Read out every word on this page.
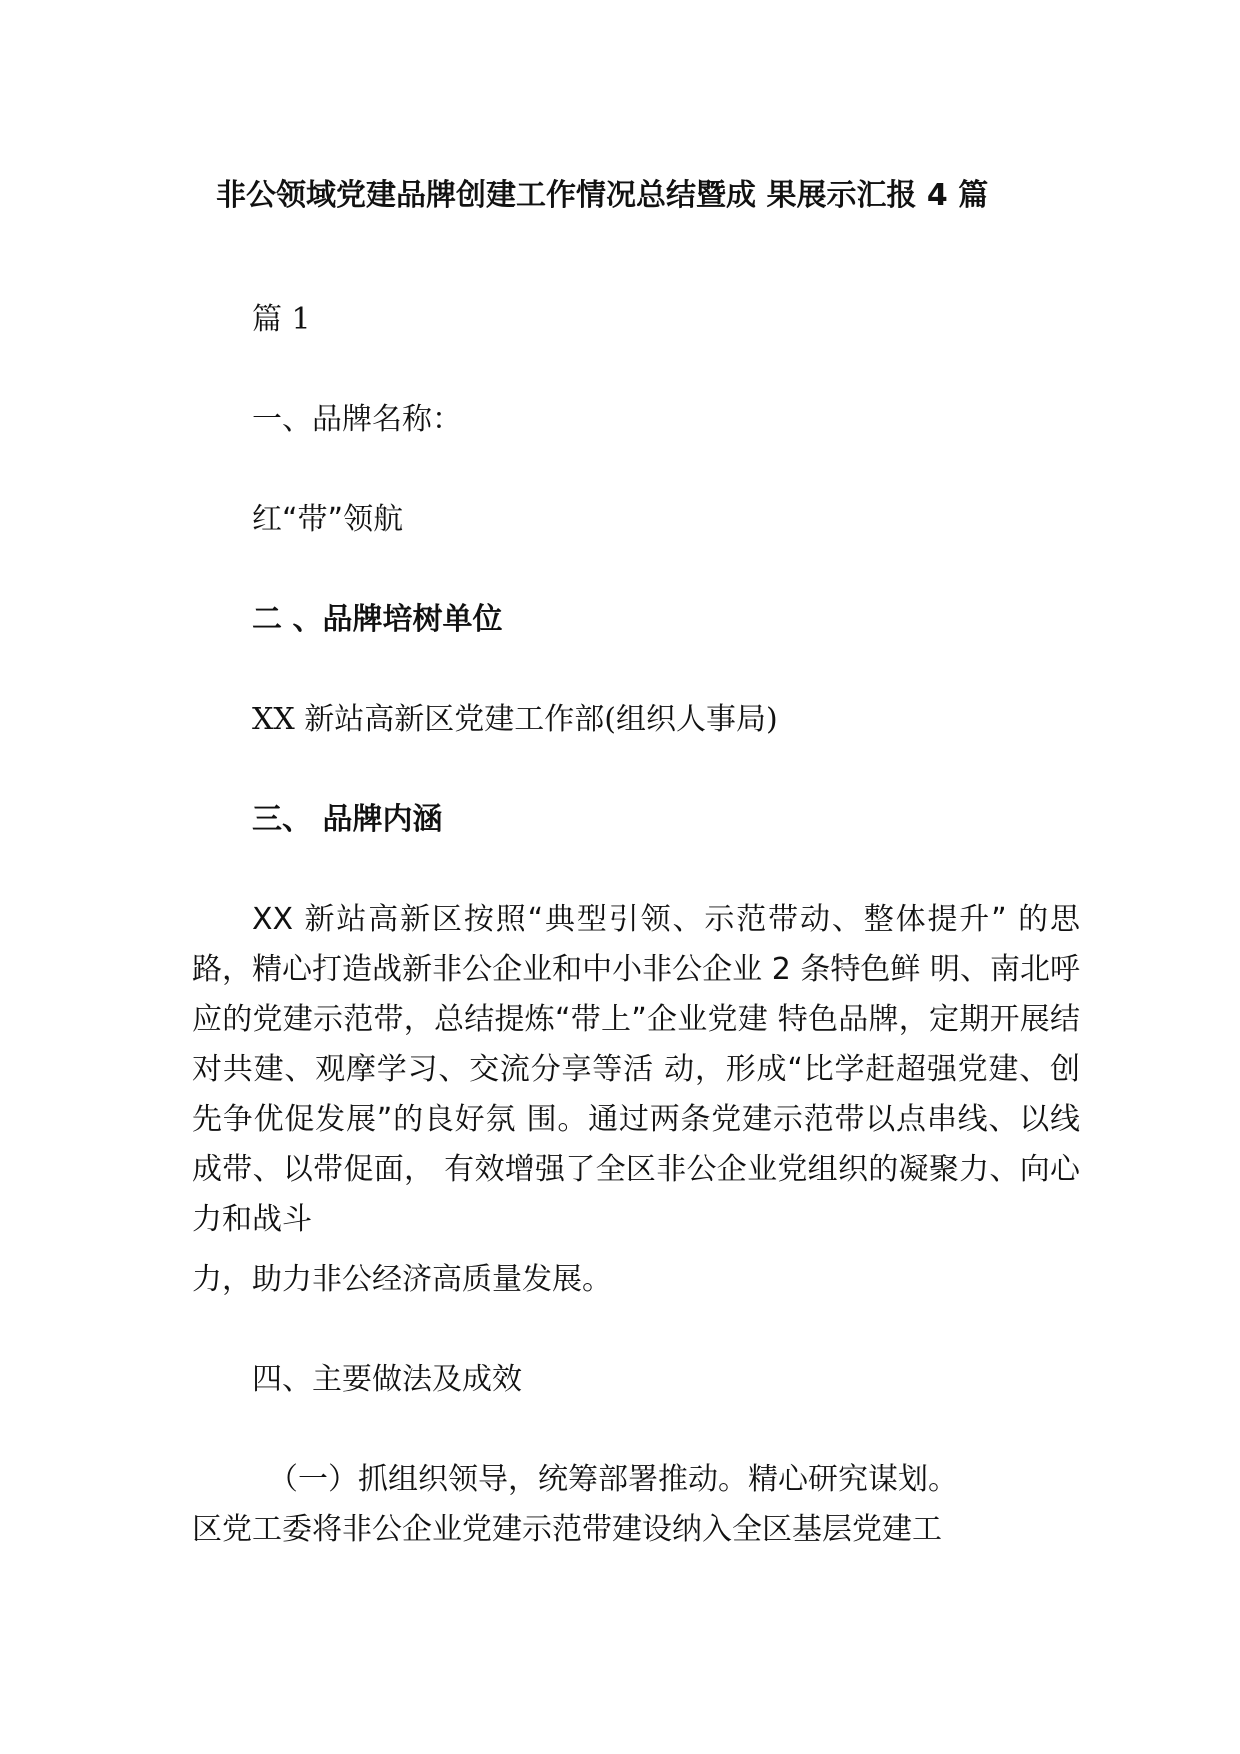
非公领域党建品牌创建工作情况总结暨成 果展示汇报 4 篇
篇 1
一、品牌名称：
红“带”领航
二 、品牌培树单位
XX 新站高新区党建工作部(组织人事局)
三、 品牌内涵

XX 新站高新区按照“典型引领、示范带动、整体提升” 的思路，精心打造战新非公企业和中小非公企业 2 条特色鲜 明、南北呼应的党建示范带，总结提炼“带上”企业党建 特色品牌，定期开展结对共建、观摩学习、交流分享等活 动，形成“比学赶超强党建、创先争优促发展”的良好氛 围。通过两条党建示范带以点串线、以线成带、以带促面， 有效增强了全区非公企业党组织的凝聚力、向心力和战斗

力，助力非公经济高质量发展。
四、主要做法及成效
（一）抓组织领导，统筹部署推动。精心研究谋划。
区党工委将非公企业党建示范带建设纳入全区基层党建工
